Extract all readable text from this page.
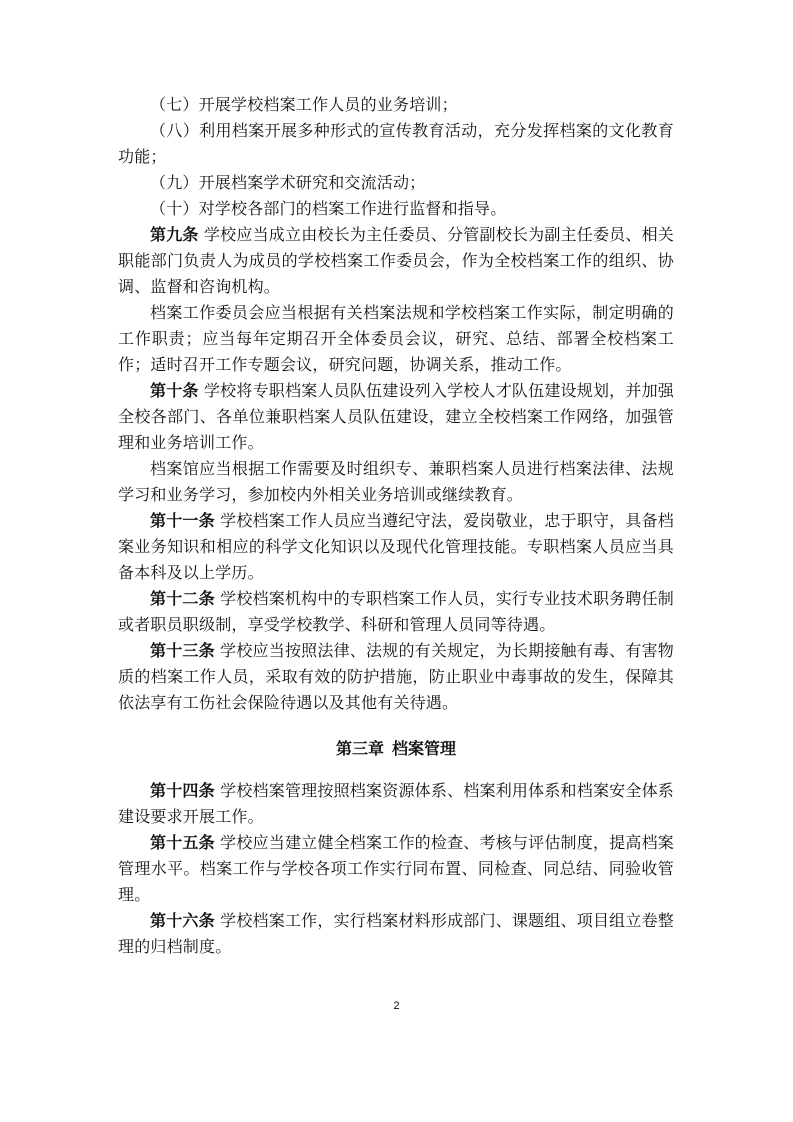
（七）开展学校档案工作人员的业务培训；

（八）利用档案开展多种形式的宣传教育活动，充分发挥档案的文化教育功能；

（九）开展档案学术研究和交流活动；

（十）对学校各部门的档案工作进行监督和指导。

第九条 学校应当成立由校长为主任委员、分管副校长为副主任委员、相关职能部门负责人为成员的学校档案工作委员会，作为全校档案工作的组织、协调、监督和咨询机构。

档案工作委员会应当根据有关档案法规和学校档案工作实际，制定明确的工作职责；应当每年定期召开全体委员会议，研究、总结、部署全校档案工作；适时召开工作专题会议，研究问题，协调关系，推动工作。

第十条 学校将专职档案人员队伍建设列入学校人才队伍建设规划，并加强全校各部门、各单位兼职档案人员队伍建设，建立全校档案工作网络，加强管理和业务培训工作。

档案馆应当根据工作需要及时组织专、兼职档案人员进行档案法律、法规学习和业务学习，参加校内外相关业务培训或继续教育。

第十一条 学校档案工作人员应当遵纪守法，爱岗敬业，忠于职守，具备档案业务知识和相应的科学文化知识以及现代化管理技能。专职档案人员应当具备本科及以上学历。

第十二条 学校档案机构中的专职档案工作人员，实行专业技术职务聘任制或者职员职级制，享受学校教学、科研和管理人员同等待遇。

第十三条 学校应当按照法律、法规的有关规定，为长期接触有毒、有害物质的档案工作人员，采取有效的防护措施，防止职业中毒事故的发生，保障其依法享有工伤社会保险待遇以及其他有关待遇。

第三章 档案管理

第十四条 学校档案管理按照档案资源体系、档案利用体系和档案安全体系建设要求开展工作。

第十五条 学校应当建立健全档案工作的检查、考核与评估制度，提高档案管理水平。档案工作与学校各项工作实行同布置、同检查、同总结、同验收管理。

第十六条 学校档案工作，实行档案材料形成部门、课题组、项目组立卷整理的归档制度。

2
